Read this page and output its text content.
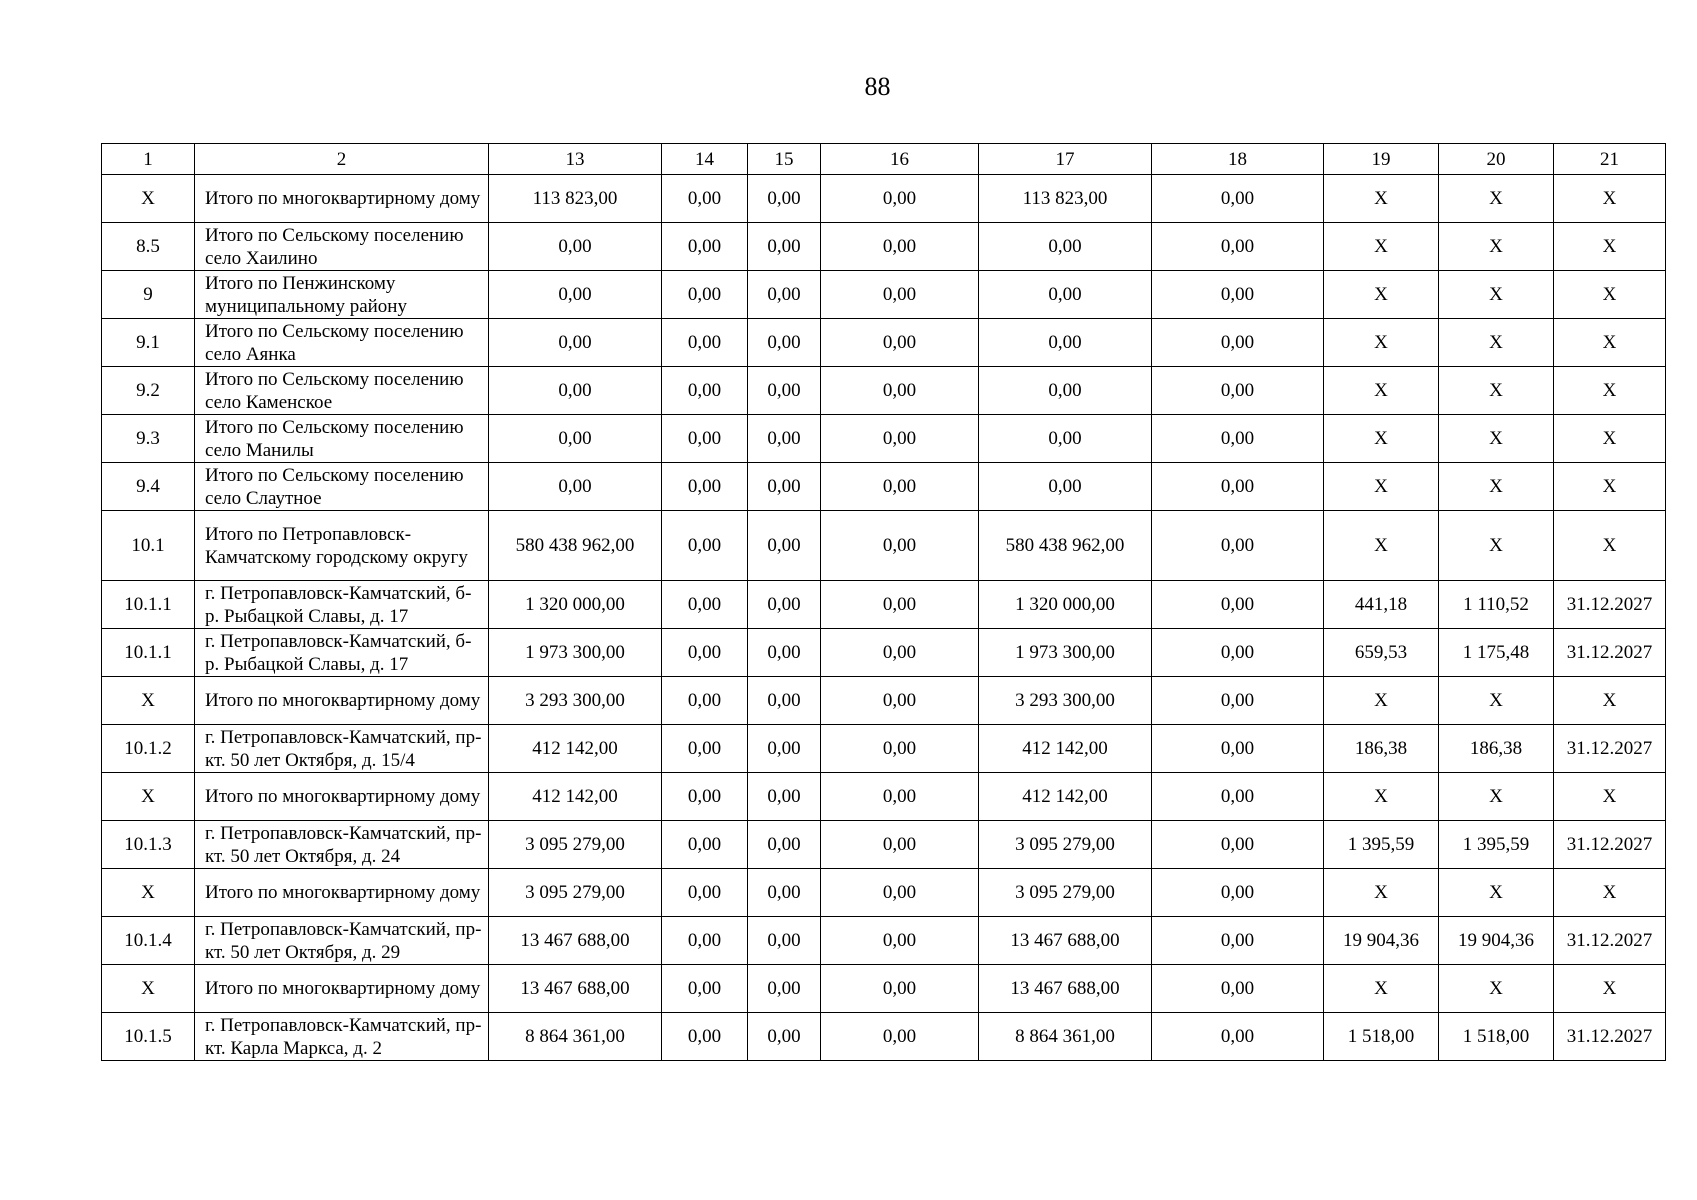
88
1	2	13	14	15	16	17	18	19	20	21
X	Итого по многоквартирному дому	113 823,00	0,00	0,00	0,00	113 823,00	0,00	X	X	X
8.5	Итого по Сельскому поселению село Хаилино	0,00	0,00	0,00	0,00	0,00	0,00	X	X	X
9	Итого по Пенжинскому муниципальному району	0,00	0,00	0,00	0,00	0,00	0,00	X	X	X
9.1	Итого по Сельскому поселению село Аянка	0,00	0,00	0,00	0,00	0,00	0,00	X	X	X
9.2	Итого по Сельскому поселению село Каменское	0,00	0,00	0,00	0,00	0,00	0,00	X	X	X
9.3	Итого по Сельскому поселению село Манилы	0,00	0,00	0,00	0,00	0,00	0,00	X	X	X
9.4	Итого по Сельскому поселению село Слаутное	0,00	0,00	0,00	0,00	0,00	0,00	X	X	X
10.1	Итого по Петропавловск-Камчатскому городскому округу	580 438 962,00	0,00	0,00	0,00	580 438 962,00	0,00	X	X	X
10.1.1	г. Петропавловск-Камчатский, б-р. Рыбацкой Славы, д. 17	1 320 000,00	0,00	0,00	0,00	1 320 000,00	0,00	441,18	1 110,52	31.12.2027
10.1.1	г. Петропавловск-Камчатский, б-р. Рыбацкой Славы, д. 17	1 973 300,00	0,00	0,00	0,00	1 973 300,00	0,00	659,53	1 175,48	31.12.2027
X	Итого по многоквартирному дому	3 293 300,00	0,00	0,00	0,00	3 293 300,00	0,00	X	X	X
10.1.2	г. Петропавловск-Камчатский, пр-кт. 50 лет Октября, д. 15/4	412 142,00	0,00	0,00	0,00	412 142,00	0,00	186,38	186,38	31.12.2027
X	Итого по многоквартирному дому	412 142,00	0,00	0,00	0,00	412 142,00	0,00	X	X	X
10.1.3	г. Петропавловск-Камчатский, пр-кт. 50 лет Октября, д. 24	3 095 279,00	0,00	0,00	0,00	3 095 279,00	0,00	1 395,59	1 395,59	31.12.2027
X	Итого по многоквартирному дому	3 095 279,00	0,00	0,00	0,00	3 095 279,00	0,00	X	X	X
10.1.4	г. Петропавловск-Камчатский, пр-кт. 50 лет Октября, д. 29	13 467 688,00	0,00	0,00	0,00	13 467 688,00	0,00	19 904,36	19 904,36	31.12.2027
X	Итого по многоквартирному дому	13 467 688,00	0,00	0,00	0,00	13 467 688,00	0,00	X	X	X
10.1.5	г. Петропавловск-Камчатский, пр-кт. Карла Маркса, д. 2	8 864 361,00	0,00	0,00	0,00	8 864 361,00	0,00	1 518,00	1 518,00	31.12.2027
